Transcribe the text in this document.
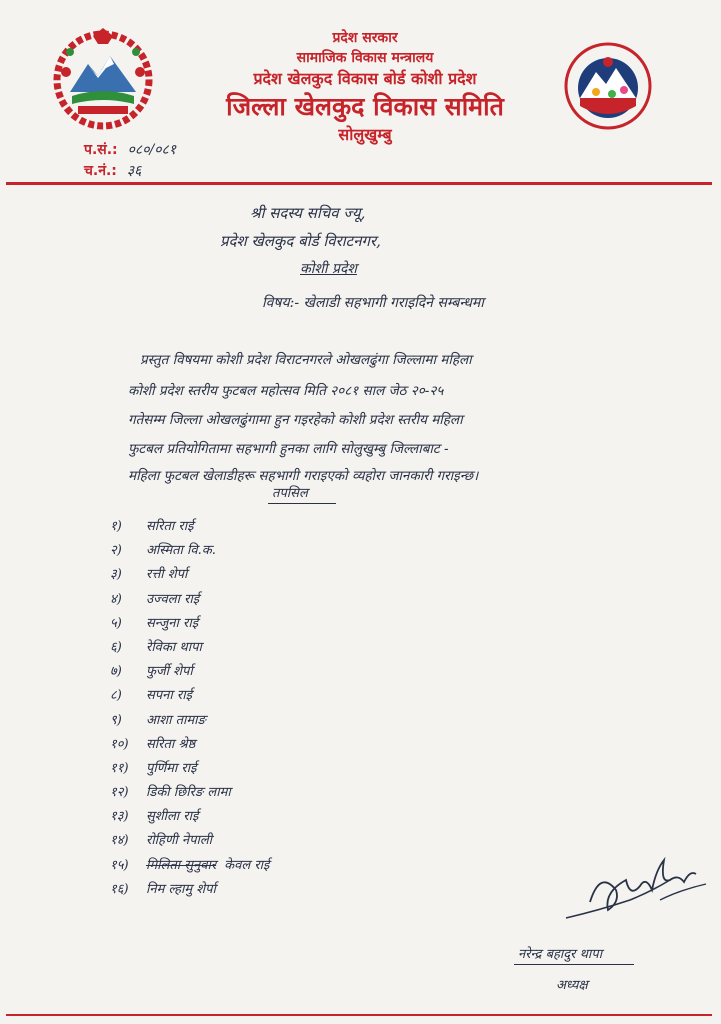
प्रदेश सरकार
सामाजिक विकास मन्त्रालय
प्रदेश खेलकुद विकास बोर्ड कोशी प्रदेश
जिल्ला खेलकुद विकास समिति
सोलुखुम्बु
प.सं.: ०८०/०८१
च.नं.: ३६
श्री सदस्य सचिव ज्यू,
प्रदेश खेलकुद बोर्ड विराटनगर,
कोशी प्रदेश
विषय:- खेलाडी सहभागी गराइदिने सम्बन्धमा
प्रस्तुत विषयमा कोशी प्रदेश विराटनगरले ओखलढुंगा जिल्लामा महिला
कोशी प्रदेश स्तरीय फुटबल महोत्सव मिति २०८१ साल जेठ २०-२५
गतेसम्म जिल्ला ओखलढुंगामा हुन गइरहेको कोशी प्रदेश स्तरीय महिला
फुटबल प्रतियोगितामा सहभागी हुनका लागि सोलुखुम्बु जिल्लाबाट -
महिला फुटबल खेलाडीहरू सहभागी गराइएको व्यहोरा जानकारी गराइन्छ।
तपसिल
१) सरिता राई
२) अस्मिता वि.क.
३) रत्ती शेर्पा
४) उज्वला राई
५) सन्जुना राई
६) रेविका थापा
७) फुर्जी शेर्पा
८) सपना राई
९) आशा तामाङ
१०) सरिता श्रेष्ठ
११) पुर्णिमा राई
१२) डिकी छिरिङ लामा
१३) सुशीला राई
१४) रोहिणी नेपाली
१५) मिलिता सुनुवार केवल राई
१६) निम ल्हामु शेर्पा
नरेन्द्र बहादुर थापा
अध्यक्ष
